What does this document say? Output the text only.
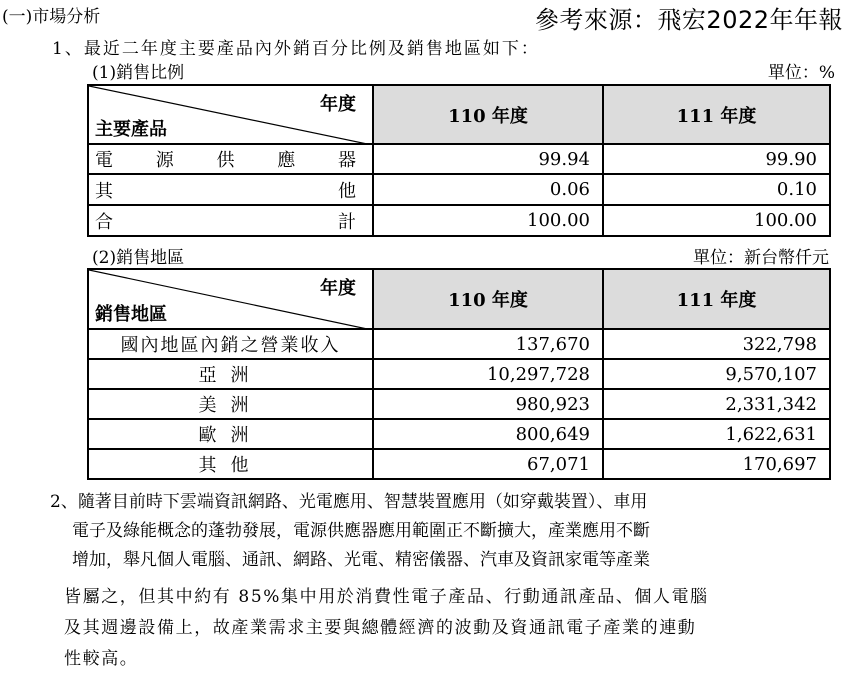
(一)市場分析	參考來源：飛宏2022年年報
1、最近二年度主要產品內外銷百分比例及銷售地區如下：
(1)銷售比例	單位：%
年度
主要產品	110 年度	111 年度

電 源 供 應 器	99.94	99.90

其 他	0.06	0.10

合 計	100.00	100.00
(2)銷售地區	單位：新台幣仟元
年度
銷售地區	110 年度	111 年度
國內地區內銷之營業收入	137,670	322,798
亞洲	10,297,728	9,570,107
美洲	980,923	2,331,342
歐洲	800,649	1,622,631
其他	67,071	170,697
2、隨著目前時下雲端資訊網路、光電應用、智慧裝置應用（如穿戴裝置）、車用
電子及綠能概念的蓬勃發展，電源供應器應用範圍正不斷擴大，產業應用不斷
增加，舉凡個人電腦、通訊、網路、光電、精密儀器、汽車及資訊家電等產業
皆屬之，但其中約有 85%集中用於消費性電子產品、行動通訊產品、個人電腦
及其週邊設備上，故產業需求主要與總體經濟的波動及資通訊電子產業的連動
性較高。
